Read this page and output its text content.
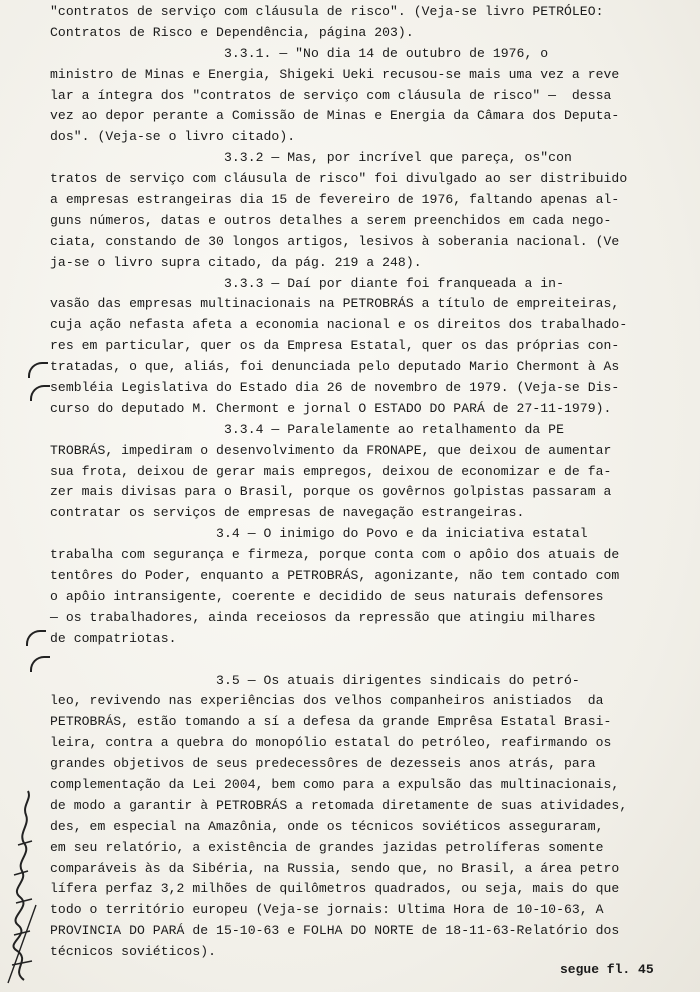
"contratos de serviço com cláusula de risco". (Veja-se livro PETRÓLEO:
Contratos de Risco e Dependência, página 203).
3.3.1. — "No dia 14 de outubro de 1976, o
ministro de Minas e Energia, Shigeki Ueki recusou-se mais uma vez a reve
lar a íntegra dos "contratos de serviço com cláusula de risco" —  dessa
vez ao depor perante a Comissão de Minas e Energia da Câmara dos Deputa-
dos". (Veja-se o livro citado).
3.3.2 — Mas, por incrível que pareça, os"con
tratos de serviço com cláusula de risco" foi divulgado ao ser distribuido
a empresas estrangeiras dia 15 de fevereiro de 1976, faltando apenas al-
guns números, datas e outros detalhes a serem preenchidos em cada nego-
ciata, constando de 30 longos artigos, lesivos à soberania nacional. (Ve
ja-se o livro supra citado, da pág. 219 a 248).
3.3.3 — Daí por diante foi franqueada a in-
vasão das empresas multinacionais na PETROBRÁS a título de empreiteiras,
cuja ação nefasta afeta a economia nacional e os direitos dos trabalhado-
res em particular, quer os da Empresa Estatal, quer os das próprias con-
tratadas, o que, aliás, foi denunciada pelo deputado Mario Chermont à As
sembléia Legislativa do Estado dia 26 de novembro de 1979. (Veja-se Dis-
curso do deputado M. Chermont e jornal O ESTADO DO PARÁ de 27-11-1979).
3.3.4 — Paralelamente ao retalhamento da PE
TROBRÁS, impediram o desenvolvimento da FRONAPE, que deixou de aumentar
sua frota, deixou de gerar mais empregos, deixou de economizar e de fa-
zer mais divisas para o Brasil, porque os govêrnos golpistas passaram a
contratar os serviços de empresas de navegação estrangeiras.
3.4 — O inimigo do Povo e da iniciativa estatal
trabalha com segurança e firmeza, porque conta com o apôio dos atuais de
tentôres do Poder, enquanto a PETROBRÁS, agonizante, não tem contado com
o apôio intransigente, coerente e decidido de seus naturais defensores
— os trabalhadores, ainda receiosos da repressão que atingiu milhares
de compatriotas.
3.5 — Os atuais dirigentes sindicais do petró-
leo, revivendo nas experiências dos velhos companheiros anistiados  da
PETROBRÁS, estão tomando a sí a defesa da grande Emprêsa Estatal Brasi-
leira, contra a quebra do monopólio estatal do petróleo, reafirmando os
grandes objetivos de seus predecessôres de dezesseis anos atrás, para
complementação da Lei 2004, bem como para a expulsão das multinacionais,
de modo a garantir à PETROBRÁS a retomada diretamente de suas atividades,
des, em especial na Amazônia, onde os técnicos soviéticos asseguraram,
em seu relatório, a existência de grandes jazidas petrolíferas somente
comparáveis às da Sibéria, na Russia, sendo que, no Brasil, a área petro
lífera perfaz 3,2 milhões de quilômetros quadrados, ou seja, mais do que
todo o território europeu (Veja-se jornais: Ultima Hora de 10-10-63, A
PROVINCIA DO PARÁ de 15-10-63 e FOLHA DO NORTE de 18-11-63-Relatório dos
técnicos soviéticos).
segue fl. 45
